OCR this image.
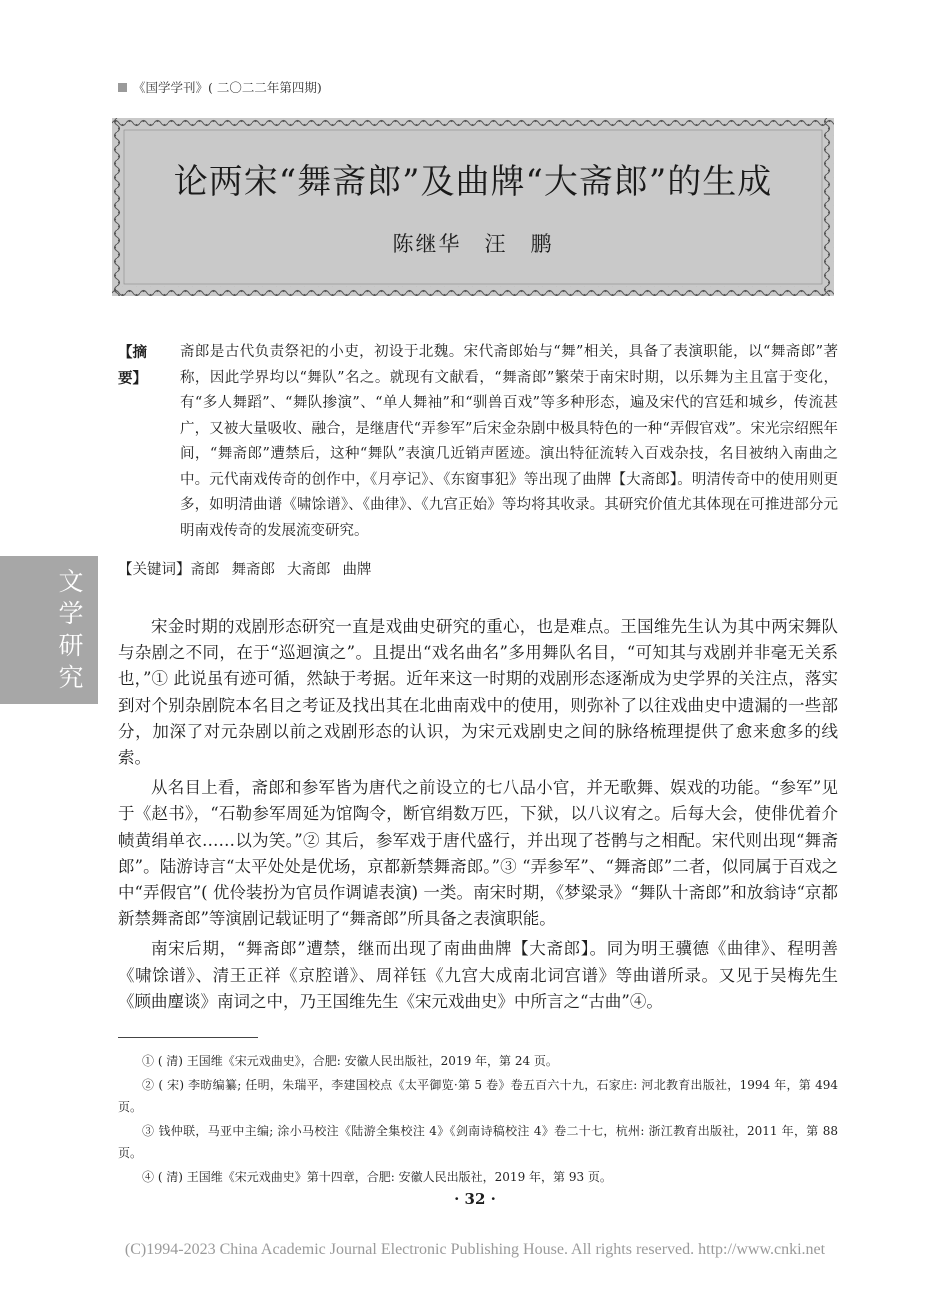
《国学学刊》( 二〇二二年第四期)
论两宋“舞斋郎”及曲牌“大斋郎”的生成
陈继华　汪　鹏
【摘　要】
斋郎是古代负责祭祀的小吏，初设于北魏。宋代斋郎始与“舞”相关，具备了表演职能，以“舞斋郎”著称，因此学界均以“舞队”名之。就现有文献看，“舞斋郎”繁荣于南宋时期，以乐舞为主且富于变化，有“多人舞蹈”、“舞队掺演”、“单人舞袖”和“驯兽百戏”等多种形态，遍及宋代的宫廷和城乡，传流甚广，又被大量吸收、融合，是继唐代“弄参军”后宋金杂剧中极具特色的一种“弄假官戏”。宋光宗绍熙年间，“舞斋郎”遭禁后，这种“舞队”表演几近销声匿迹。演出特征流转入百戏杂技，名目被纳入南曲之中。元代南戏传奇的创作中，《月亭记》、《东窗事犯》等出现了曲牌【大斋郎】。明清传奇中的使用则更多，如明清曲谱《啸馀谱》、《曲律》、《九宫正始》等均将其收录。其研究价值尤其体现在可推进部分元明南戏传奇的发展流变研究。
【关键词】斋郎 舞斋郎 大斋郎 曲牌
文学研究

宋金时期的戏剧形态研究一直是戏曲史研究的重心，也是难点。王国维先生认为其中两宋舞队与杂剧之不同，在于“巡迴演之”。且提出“戏名曲名”多用舞队名目，“可知其与戏剧并非毫无关系也，”① 此说虽有迹可循，然缺于考据。近年来这一时期的戏剧形态逐渐成为史学界的关注点，落实到对个别杂剧院本名目之考证及找出其在北曲南戏中的使用，则弥补了以往戏曲史中遗漏的一些部分，加深了对元杂剧以前之戏剧形态的认识，为宋元戏剧史之间的脉络梳理提供了愈来愈多的线索。

从名目上看，斋郎和参军皆为唐代之前设立的七八品小官，并无歌舞、娱戏的功能。“参军”见于《赵书》，“石勒参军周延为馆陶令，断官绢数万匹，下狱，以八议宥之。后每大会，使俳优着介帻黄绢单衣……以为笑。”② 其后，参军戏于唐代盛行，并出现了苍鹘与之相配。宋代则出现“舞斋郎”。陆游诗言“太平处处是优场，京都新禁舞斋郎。”③ “弄参军”、“舞斋郎”二者，似同属于百戏之中“弄假官”( 优伶装扮为官员作调谑表演) 一类。南宋时期，《梦粱录》“舞队十斋郎”和放翁诗“京都新禁舞斋郎”等演剧记载证明了“舞斋郎”所具备之表演职能。

南宋后期，“舞斋郎”遭禁，继而出现了南曲曲牌【大斋郎】。同为明王骥德《曲律》、程明善《啸馀谱》、清王正祥《京腔谱》、周祥钰《九宫大成南北词宫谱》等曲谱所录。又见于吴梅先生《顾曲麈谈》南词之中，乃王国维先生《宋元戏曲史》中所言之“古曲”④。

① ( 清) 王国维《宋元戏曲史》，合肥: 安徽人民出版社，2019 年，第 24 页。

② ( 宋) 李昉编纂; 任明，朱瑞平，李建国校点《太平御览·第 5 卷》卷五百六十九，石家庄: 河北教育出版社，1994 年，第 494 页。

③ 钱仲联，马亚中主编; 涂小马校注《陆游全集校注 4》《剑南诗稿校注 4》卷二十七，杭州: 浙江教育出版社，2011 年，第 88 页。

④ ( 清) 王国维《宋元戏曲史》第十四章，合肥: 安徽人民出版社，2019 年，第 93 页。

· 32 ·
(C)1994-2023 China Academic Journal Electronic Publishing House. All rights reserved. http://www.cnki.net
